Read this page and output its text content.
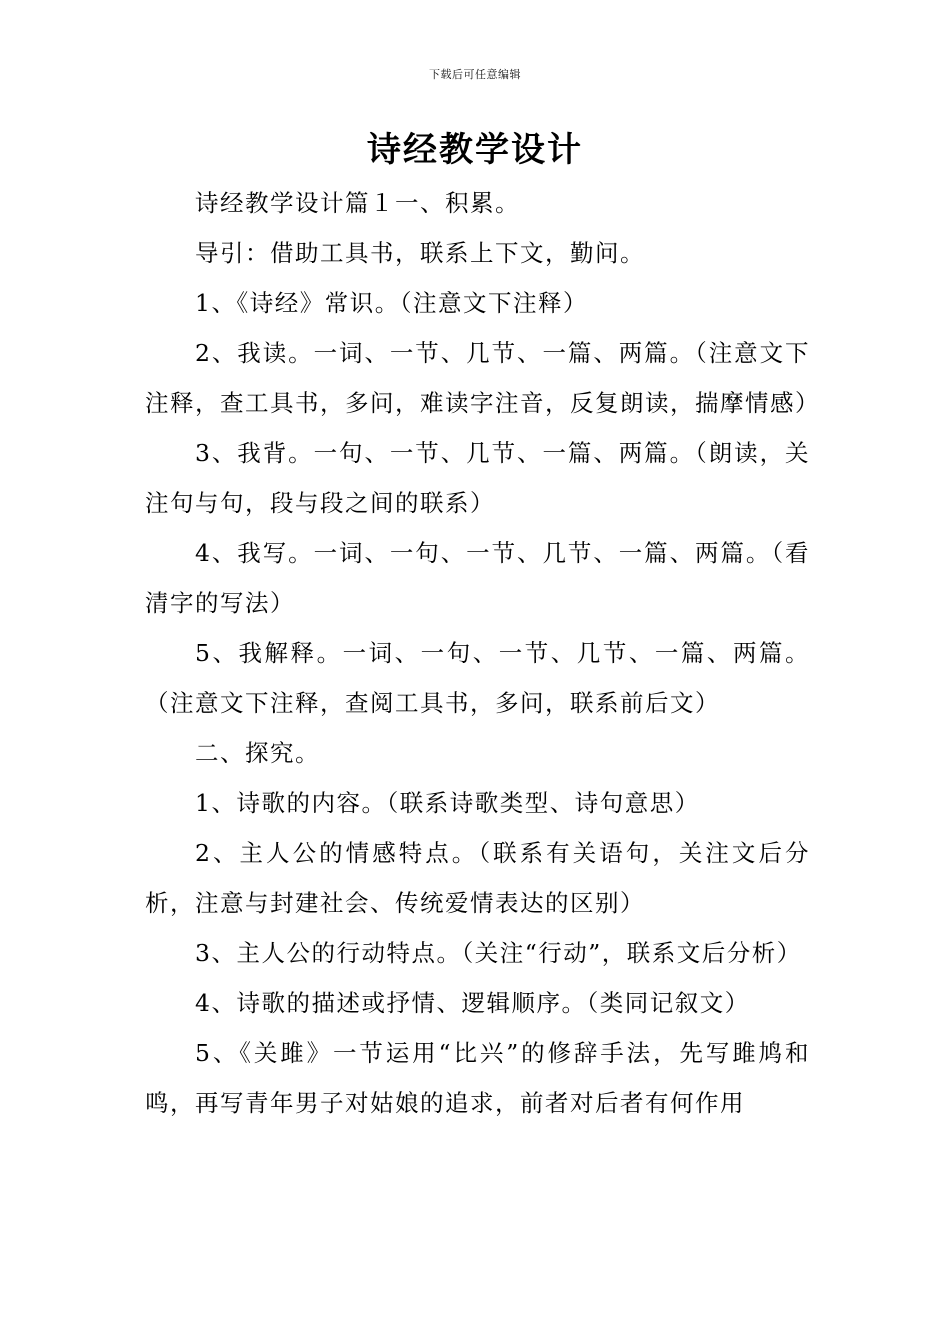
下载后可任意编辑
诗经教学设计

诗经教学设计篇１一、积累。

导引：借助工具书，联系上下文，勤问。

1、《诗经》常识。（注意文下注释）

2、我读。一词、一节、几节、一篇、两篇。（注意文下注释，查工具书，多问，难读字注音，反复朗读，揣摩情感）

3、我背。一句、一节、几节、一篇、两篇。（朗读，关注句与句，段与段之间的联系）

4、我写。一词、一句、一节、几节、一篇、两篇。（看清字的写法）

5、我解释。一词、一句、一节、几节、一篇、两篇。（注意文下注释，查阅工具书，多问，联系前后文）

二、探究。

1、诗歌的内容。（联系诗歌类型、诗句意思）

2、主人公的情感特点。（联系有关语句，关注文后分析，注意与封建社会、传统爱情表达的区别）

3、主人公的行动特点。（关注“行动”，联系文后分析）

4、诗歌的描述或抒情、逻辑顺序。（类同记叙文）

5、《关雎》一节运用“比兴”的修辞手法，先写雎鸠和鸣，再写青年男子对姑娘的追求，前者对后者有何作用
